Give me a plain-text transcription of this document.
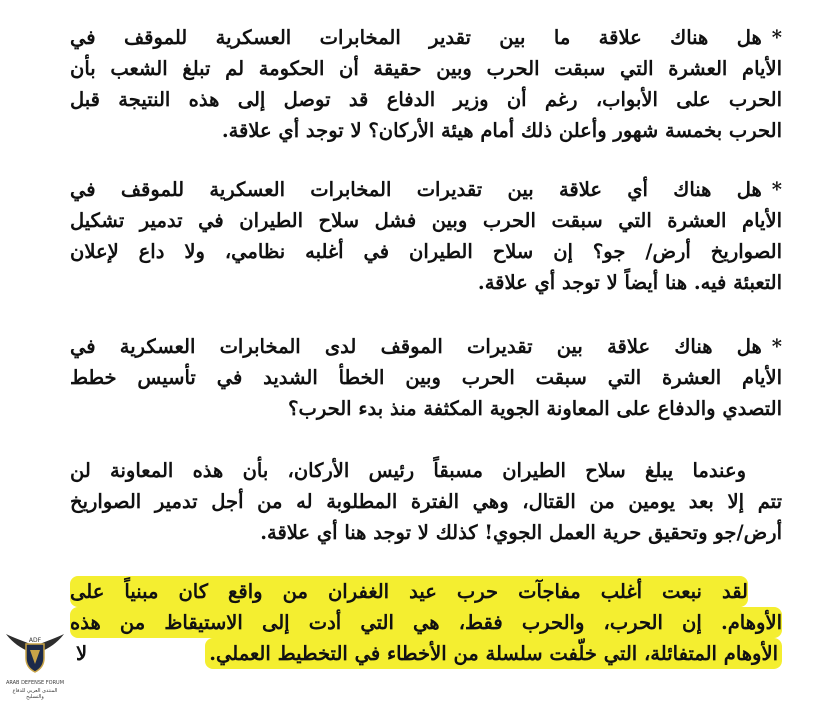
*هل هناك علاقة ما بين تقدير المخابرات العسكرية للموقف في
الأيام العشرة التي سبقت الحرب وبين حقيقة أن الحكومة لم تبلغ الشعب بأن
الحرب على الأبواب، رغم أن وزير الدفاع قد توصل إلى هذه النتيجة قبل
الحرب بخمسة شهور وأعلن ذلك أمام هيئة الأركان؟ لا توجد أي علاقة.
*هل هناك أي علاقة بين تقديرات المخابرات العسكرية للموقف في
الأيام العشرة التي سبقت الحرب وبين فشل سلاح الطيران في تدمير تشكيل
الصواريخ أرض/ جو؟ إن سلاح الطيران في أغلبه نظامي، ولا داع لإعلان
التعبئة فيه. هنا أيضاً لا توجد أي علاقة.
*هل هناك علاقة بين تقديرات الموقف لدى المخابرات العسكرية في
الأيام العشرة التي سبقت الحرب وبين الخطأ الشديد في تأسيس خطط
التصدي والدفاع على المعاونة الجوية المكثفة منذ بدء الحرب؟
وعندما يبلغ سلاح الطيران مسبقاً رئيس الأركان، بأن هذه المعاونة لن
تتم إلا بعد يومين من القتال، وهي الفترة المطلوبة له من أجل تدمير الصواريخ
أرض/جو وتحقيق حرية العمل الجوي! كذلك لا توجد هنا أي علاقة.
لقد نبعت أغلب مفاجآت حرب عيد الغفران من واقع كان مبنياً على
الأوهام. إن الحرب، والحرب فقط، هي التي أدت إلى الاستيقاظ من هذه
الأوهام المتفائلة، التي خلّفت سلسلة من الأخطاء في التخطيط العملي.
لا
ADF
ARAB DEFENSE FORUM
المنتدى العربي للدفاع والتسليح
